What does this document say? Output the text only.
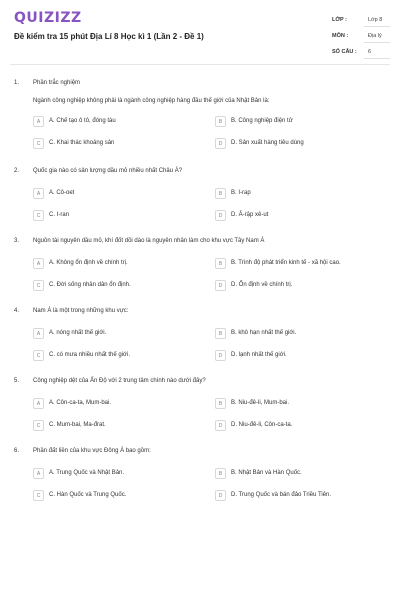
QUIZIZZ
Đề kiểm tra 15 phút Địa Lí 8 Học kì 1 (Lần 2 - Đề 1)
LỚP :	Lớp 8
MÔN :	Địa lý
SỐ CÂU :	6
1. Phần trắc nghiệm
Ngành công nghiệp không phải là ngành công nghiệp hàng đầu thế giới của Nhật Bản là:
A	A. Chế tạo ô tô, đóng tàu	B	B. Công nghiệp điện tử
C	C. Khai thác khoáng sản	D	D. Sản xuất hàng tiêu dùng
2. Quốc gia nào có sản lượng dầu mỏ nhiều nhất Châu Á?
A	A. Cô-oet	B	B. I-rap
C	C. I-ran	D	D. Ả-rập xê-ut
3. Nguồn tài nguyên dầu mỏ, khí đốt dồi dào là nguyên nhân làm cho khu vực Tây Nam Á
A	A. Không ổn định về chính trị.	B	B. Trình độ phát triển kinh tế - xã hội cao.
C	C. Đời sống nhân dân ổn định.	D	D. Ổn định về chính trị.
4. Nam Á là một trong những khu vực:
A	A. nóng nhất thế giới.	B	B. khô hạn nhất thế giới.
C	C. có mưa nhiều nhất thế giới.	D	D. lạnh nhất thế giới.
5. Công nghiệp dệt của Ấn Độ với 2 trung tâm chính nào dưới đây?
A	A. Côn-ca-ta, Mum-bai.	B	B. Niu-đê-li, Mum-bai.
C	C. Mum-bai, Ma-đrat.	D	D. Niu-đê-li, Côn-ca-ta.
6. Phần đất liền của khu vực Đông Á bao gồm:
A	A. Trung Quốc và Nhật Bản.	B	B. Nhật Bản và Hàn Quốc.
C	C. Hàn Quốc và Trung Quốc.	D	D. Trung Quốc và bán đảo Triều Tiên.
